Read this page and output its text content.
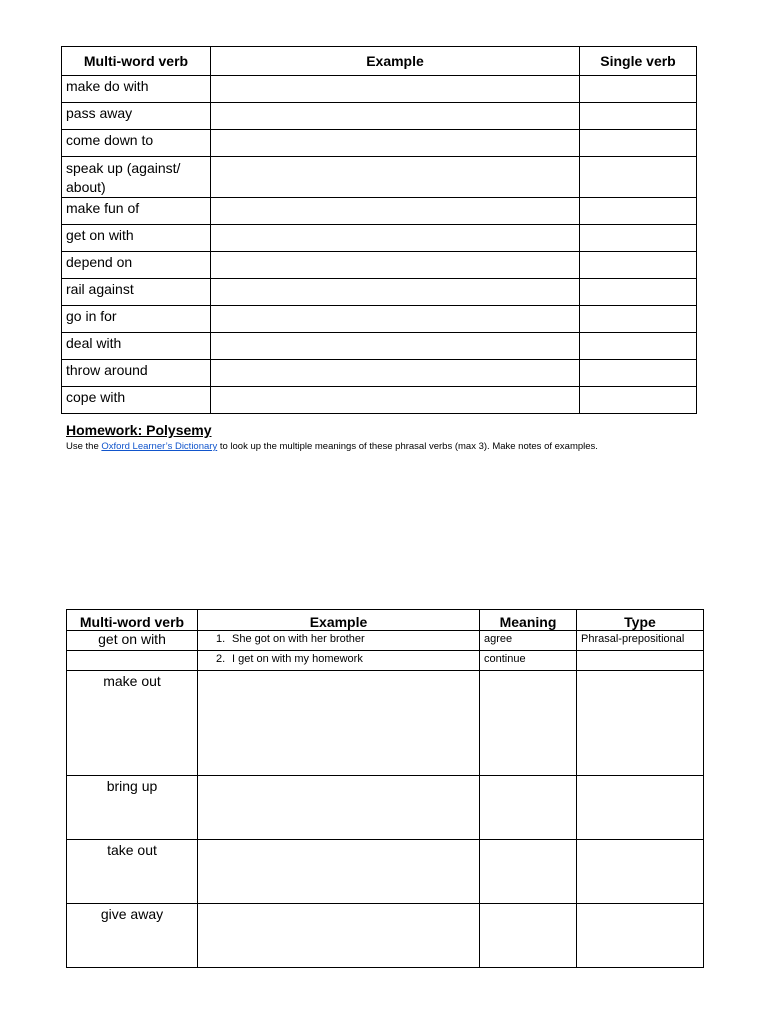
Multi-word verb	Example	Single verb
make do with		
pass away		
come down to		
speak up (against/ about)		
make fun of		
get on with		
depend on		
rail against		
go in for		
deal with		
throw around		
cope with		
Homework: Polysemy
Use the Oxford Learner’s Dictionary to look up the multiple meanings of these phrasal verbs (max 3). Make notes of examples.
Multi-word verb	Example	Meaning	Type
get on with	1. She got on with her brother	agree	Phrasal-prepositional
	2. I get on with my homework	continue	
make out			
bring up			
take out			
give away			
